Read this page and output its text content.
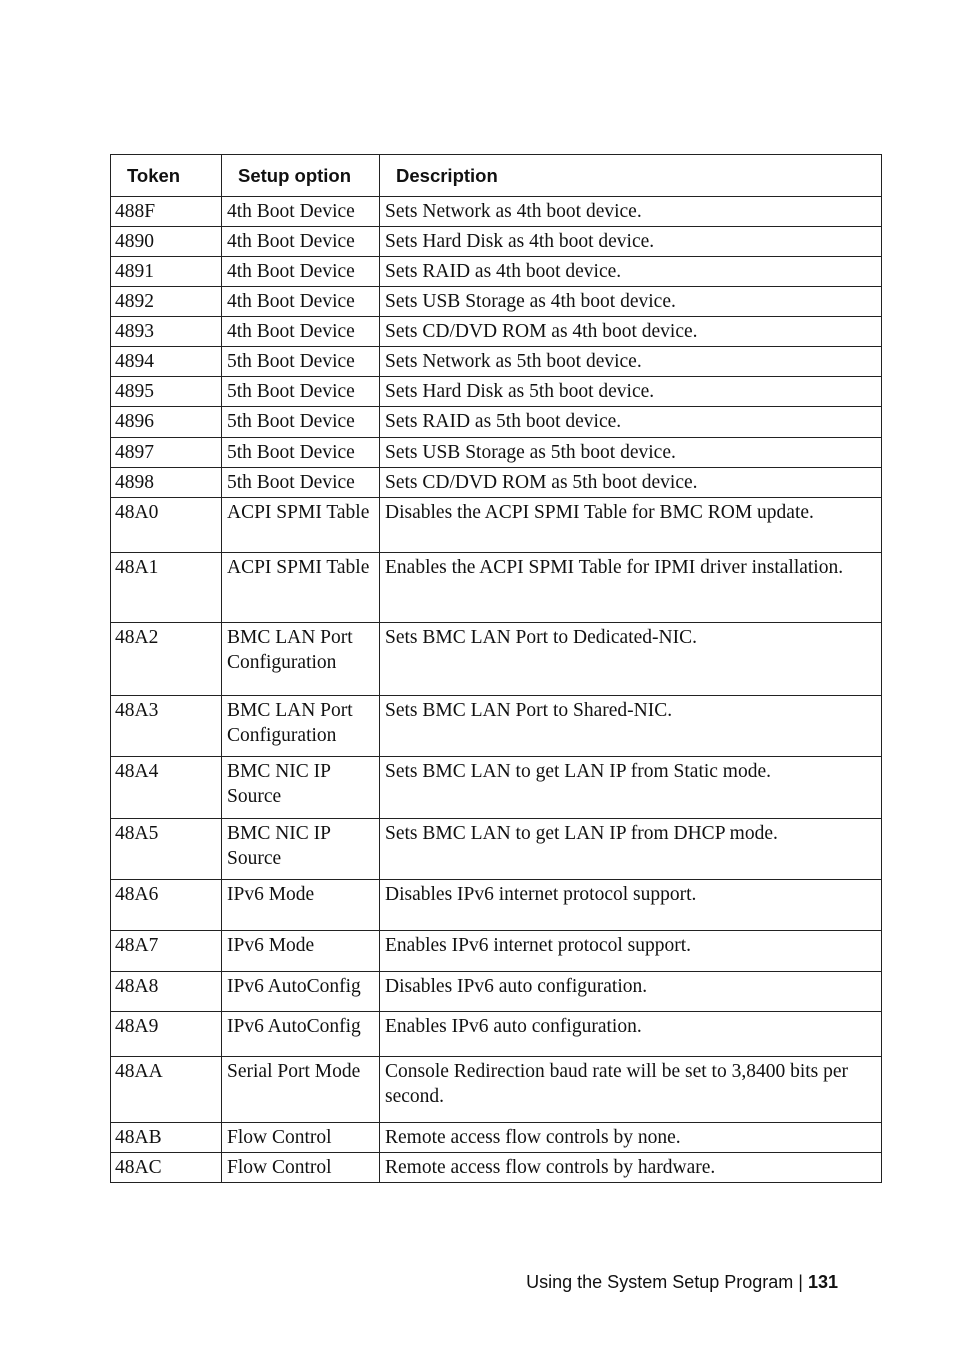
Token	Setup option	Description
488F	4th Boot Device	Sets Network as 4th boot device.
4890	4th Boot Device	Sets Hard Disk as 4th boot device.
4891	4th Boot Device	Sets RAID as 4th boot device.
4892	4th Boot Device	Sets USB Storage as 4th boot device.
4893	4th Boot Device	Sets CD/DVD ROM as 4th boot device.
4894	5th Boot Device	Sets Network as 5th boot device.
4895	5th Boot Device	Sets Hard Disk as 5th boot device.
4896	5th Boot Device	Sets RAID as 5th boot device.
4897	5th Boot Device	Sets USB Storage as 5th boot device.
4898	5th Boot Device	Sets CD/DVD ROM as 5th boot device.
48A0	ACPI SPMI Table	Disables the ACPI SPMI Table for BMC ROM update.
48A1	ACPI SPMI Table	Enables the ACPI SPMI Table for IPMI driver installation.
48A2	BMC LAN Port Configuration	Sets BMC LAN Port to Dedicated-NIC.
48A3	BMC LAN Port Configuration	Sets BMC LAN Port to Shared-NIC.
48A4	BMC NIC IP Source	Sets BMC LAN to get LAN IP from Static mode.
48A5	BMC NIC IP Source	Sets BMC LAN to get LAN IP from DHCP mode.
48A6	IPv6 Mode	Disables IPv6 internet protocol support.
48A7	IPv6 Mode	Enables IPv6 internet protocol support.
48A8	IPv6 AutoConfig	Disables IPv6 auto configuration.
48A9	IPv6 AutoConfig	Enables IPv6 auto configuration.
48AA	Serial Port Mode	Console Redirection baud rate will be set to 3,8400 bits per second.
48AB	Flow Control	Remote access flow controls by none.
48AC	Flow Control	Remote access flow controls by hardware.
Using the System Setup Program | 131
